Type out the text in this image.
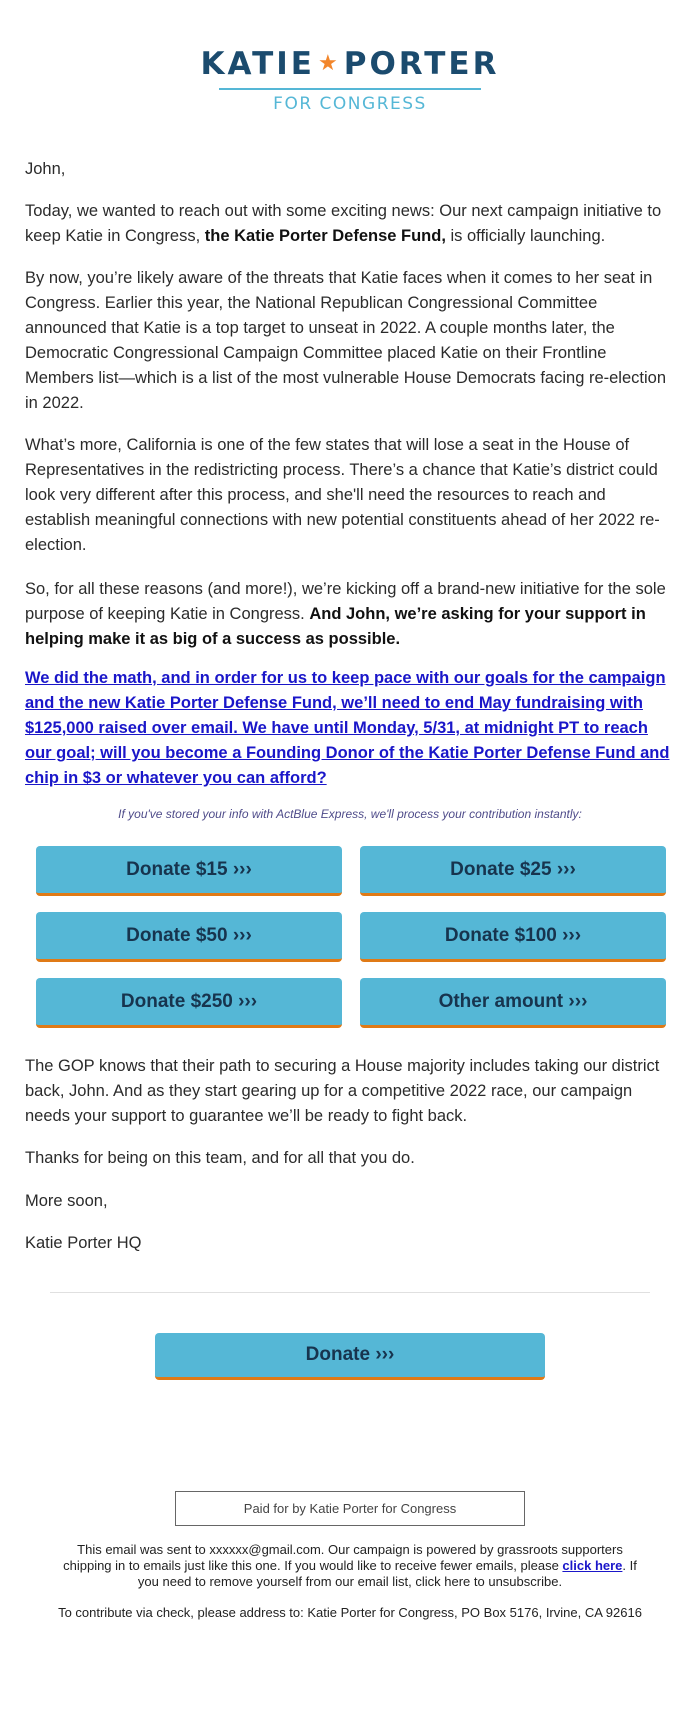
KATIE ★PORTER
FOR CONGRESS

John,

Today, we wanted to reach out with some exciting news: Our next campaign initiative to keep Katie in Congress, the Katie Porter Defense Fund, is officially launching.

By now, you’re likely aware of the threats that Katie faces when it comes to her seat in Congress. Earlier this year, the National Republican Congressional Committee announced that Katie is a top target to unseat in 2022. A couple months later, the Democratic Congressional Campaign Committee placed Katie on their Frontline Members list—which is a list of the most vulnerable House Democrats facing re-election in 2022.

What’s more, California is one of the few states that will lose a seat in the House of Representatives in the redistricting process. There’s a chance that Katie’s district could look very different after this process, and she'll need the resources to reach and establish meaningful connections with new potential constituents ahead of her 2022 re-election.

So, for all these reasons (and more!), we’re kicking off a brand-new initiative for the sole purpose of keeping Katie in Congress. And John, we’re asking for your support in helping make it as big of a success as possible.

We did the math, and in order for us to keep pace with our goals for the campaign and the new Katie Porter Defense Fund, we’ll need to end May fundraising with $125,000 raised over email. We have until Monday, 5/31, at midnight PT to reach our goal; will you become a Founding Donor of the Katie Porter Defense Fund and chip in $3 or whatever you can afford?
If you've stored your info with ActBlue Express, we'll process your contribution instantly:
Donate $15 ›››	Donate $25 ›››
Donate $50 ›››	Donate $100 ›››
Donate $250 ›››	Other amount ›››

The GOP knows that their path to securing a House majority includes taking our district back, John. And as they start gearing up for a competitive 2022 race, our campaign needs your support to guarantee we’ll be ready to fight back.

Thanks for being on this team, and for all that you do.

More soon,

Katie Porter HQ

Donate ›››
Paid for by Katie Porter for Congress
This email was sent to xxxxxx@gmail.com. Our campaign is powered by grassroots supporters chipping in to emails just like this one. If you would like to receive fewer emails, please click here. If you need to remove yourself from our email list, click here to unsubscribe.
To contribute via check, please address to: Katie Porter for Congress, PO Box 5176, Irvine, CA 92616
